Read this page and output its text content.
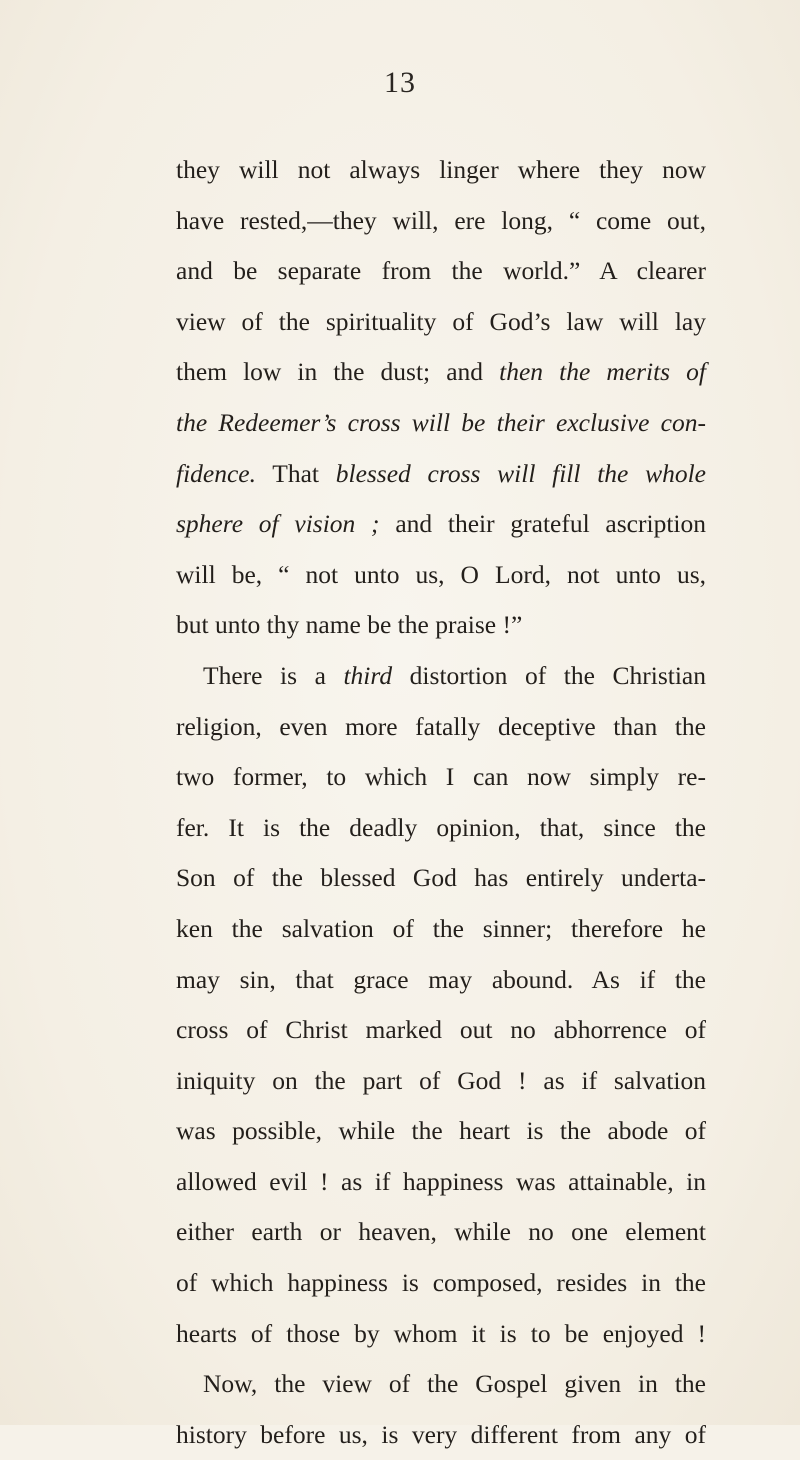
13
they will not always linger where they now
have rested,—they will, ere long, “ come out,
and be separate from the world.” A clearer
view of the spirituality of God’s law will lay
them low in the dust; and then the merits of
the Redeemer’s cross will be their exclusive con-
fidence. That blessed cross will fill the whole
sphere of vision ; and their grateful ascription
will be, “ not unto us, O Lord, not unto us,
but unto thy name be the praise !”
There is a third distortion of the Christian
religion, even more fatally deceptive than the
two former, to which I can now simply re-
fer. It is the deadly opinion, that, since the
Son of the blessed God has entirely underta-
ken the salvation of the sinner; therefore he
may sin, that grace may abound. As if the
cross of Christ marked out no abhorrence of
iniquity on the part of God ! as if salvation
was possible, while the heart is the abode of
allowed evil ! as if happiness was attainable, in
either earth or heaven, while no one element
of which happiness is composed, resides in the
hearts of those by whom it is to be enjoyed !
Now, the view of the Gospel given in the
history before us, is very different from any of
